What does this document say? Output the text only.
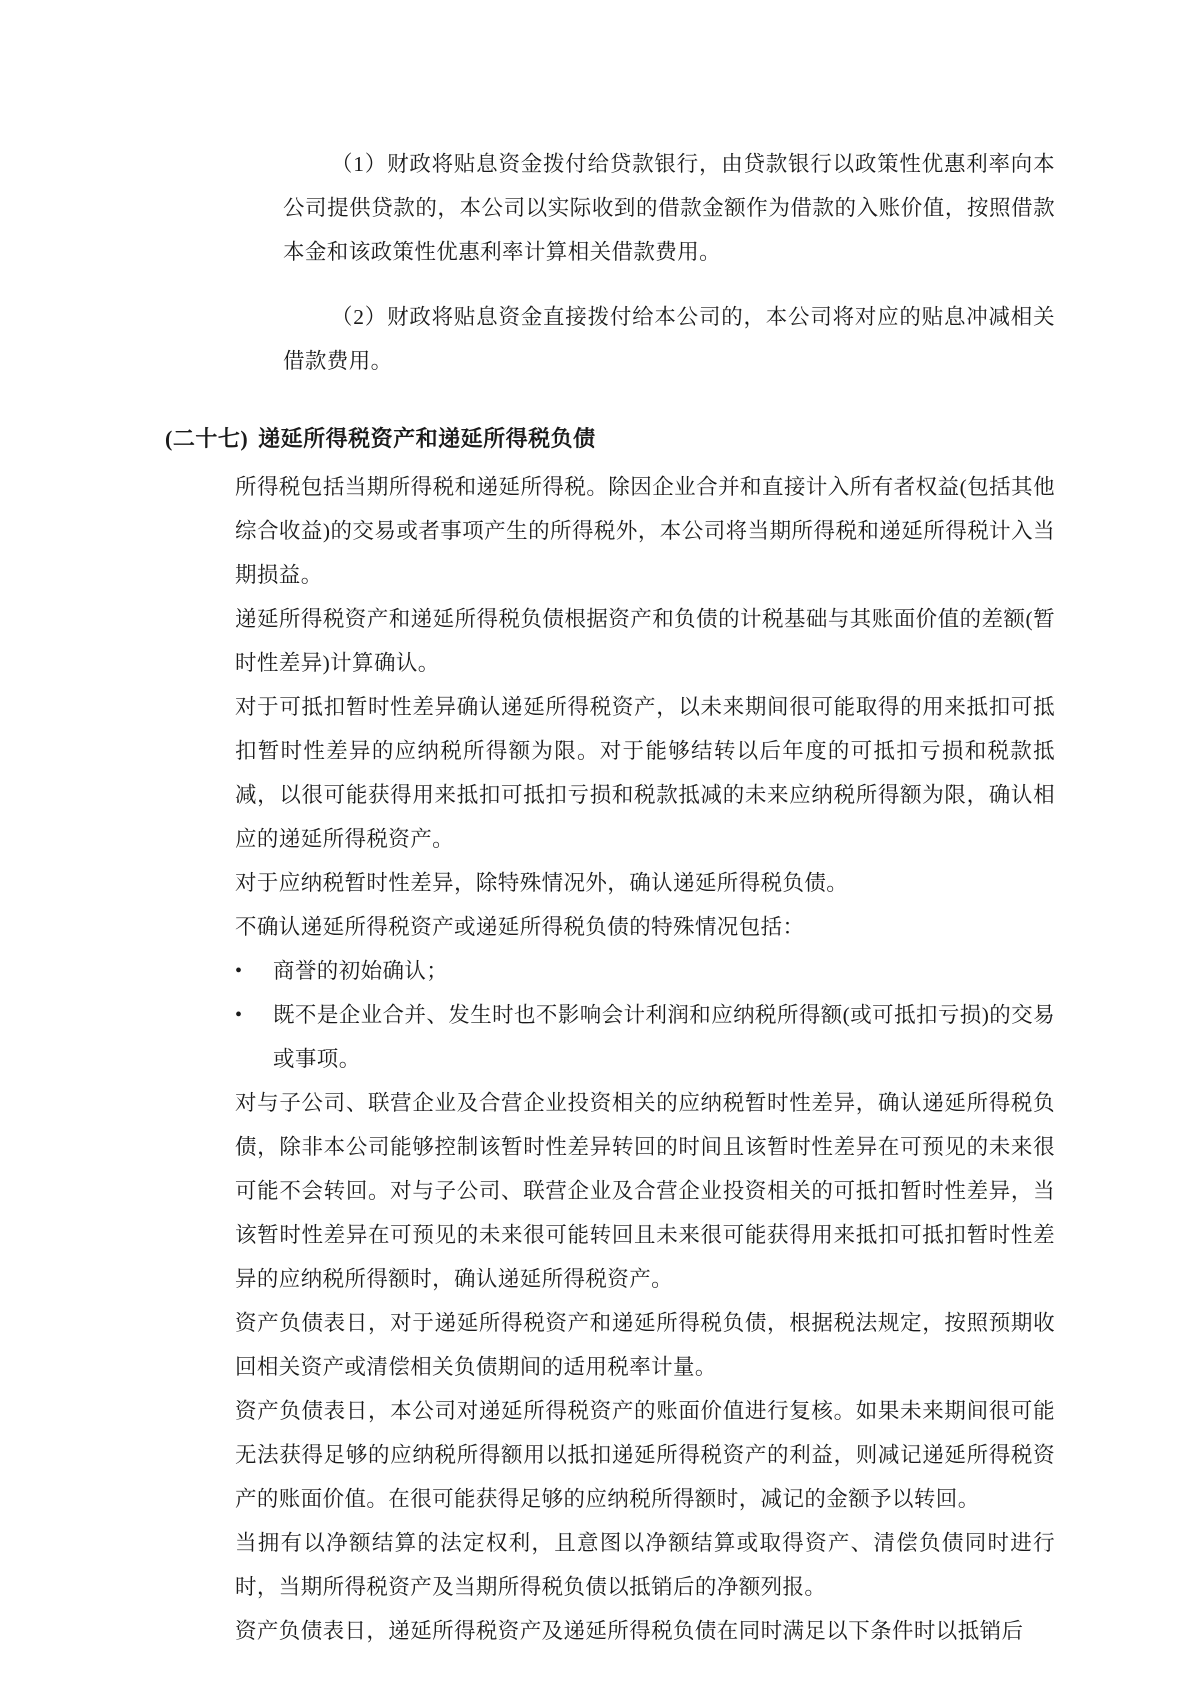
（1）财政将贴息资金拨付给贷款银行，由贷款银行以政策性优惠利率向本公司提供贷款的，本公司以实际收到的借款金额作为借款的入账价值，按照借款本金和该政策性优惠利率计算相关借款费用。

（2）财政将贴息资金直接拨付给本公司的，本公司将对应的贴息冲减相关借款费用。

(二十七) 递延所得税资产和递延所得税负债

所得税包括当期所得税和递延所得税。除因企业合并和直接计入所有者权益(包括其他综合收益)的交易或者事项产生的所得税外，本公司将当期所得税和递延所得税计入当期损益。

递延所得税资产和递延所得税负债根据资产和负债的计税基础与其账面价值的差额(暂时性差异)计算确认。

对于可抵扣暂时性差异确认递延所得税资产，以未来期间很可能取得的用来抵扣可抵扣暂时性差异的应纳税所得额为限。对于能够结转以后年度的可抵扣亏损和税款抵减，以很可能获得用来抵扣可抵扣亏损和税款抵减的未来应纳税所得额为限，确认相应的递延所得税资产。

对于应纳税暂时性差异，除特殊情况外，确认递延所得税负债。

不确认递延所得税资产或递延所得税负债的特殊情况包括：

• 商誉的初始确认；
• 既不是企业合并、发生时也不影响会计利润和应纳税所得额(或可抵扣亏损)的交易或事项。

对与子公司、联营企业及合营企业投资相关的应纳税暂时性差异，确认递延所得税负债，除非本公司能够控制该暂时性差异转回的时间且该暂时性差异在可预见的未来很可能不会转回。对与子公司、联营企业及合营企业投资相关的可抵扣暂时性差异，当该暂时性差异在可预见的未来很可能转回且未来很可能获得用来抵扣可抵扣暂时性差异的应纳税所得额时，确认递延所得税资产。

资产负债表日，对于递延所得税资产和递延所得税负债，根据税法规定，按照预期收回相关资产或清偿相关负债期间的适用税率计量。

资产负债表日，本公司对递延所得税资产的账面价值进行复核。如果未来期间很可能无法获得足够的应纳税所得额用以抵扣递延所得税资产的利益，则减记递延所得税资产的账面价值。在很可能获得足够的应纳税所得额时，减记的金额予以转回。

当拥有以净额结算的法定权利，且意图以净额结算或取得资产、清偿负债同时进行时，当期所得税资产及当期所得税负债以抵销后的净额列报。

资产负债表日，递延所得税资产及递延所得税负债在同时满足以下条件时以抵销后
